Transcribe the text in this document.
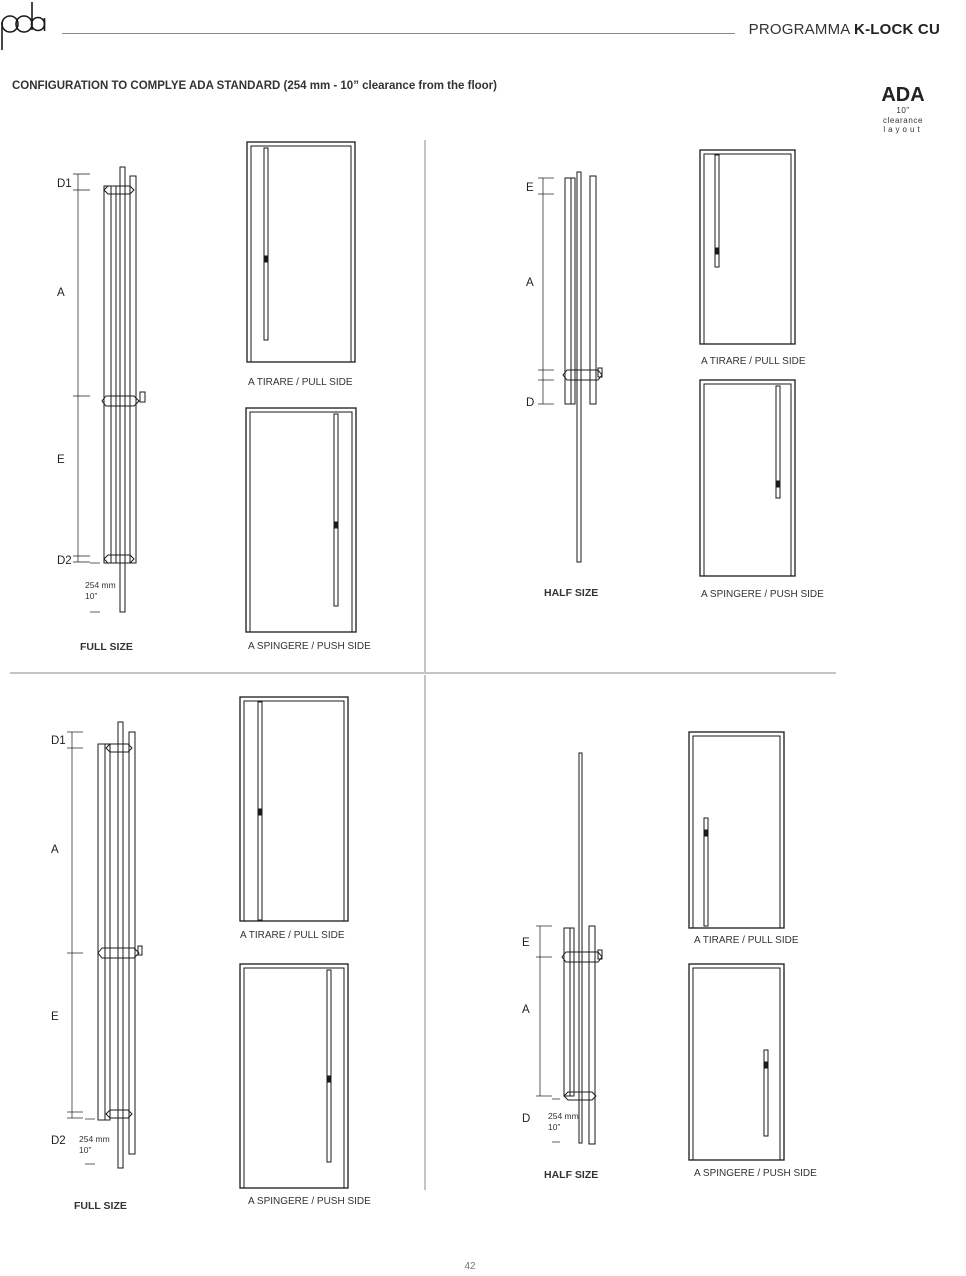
PROGRAMMA K-LOCK CU
CONFIGURATION TO COMPLYE ADA STANDARD (254 mm - 10” clearance from the floor)	ADA
10”
clearance
layout
D1
A
E
D2
254 mm
10”
FULL SIZE
A TIRARE / PULL SIDE
A SPINGERE / PUSH SIDE
E
A
D
HALF SIZE
A TIRARE / PULL SIDE
A SPINGERE / PUSH SIDE
D1
A
E
D2 254 mm
10”
FULL SIZE
A TIRARE / PULL SIDE
A SPINGERE / PUSH SIDE
E
A
D 254 mm
10”
HALF SIZE
A TIRARE / PULL SIDE
A SPINGERE / PUSH SIDE
42
